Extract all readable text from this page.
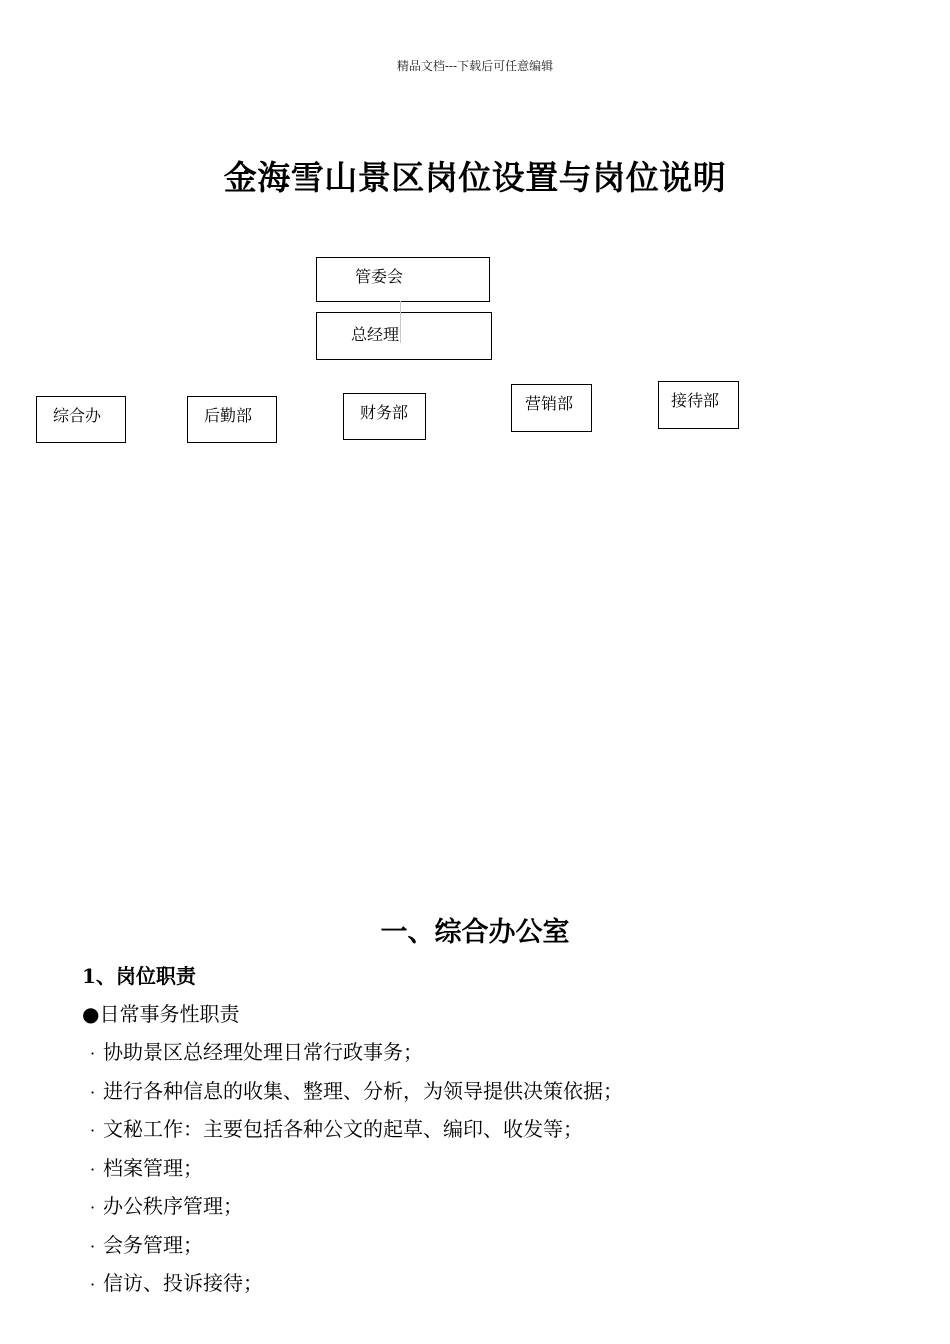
精品文档---下载后可任意编辑
金海雪山景区岗位设置与岗位说明
管委会
总经理
综合办	后勤部	财务部	营销部	接待部
一、综合办公室
1、岗位职责
●日常事务性职责
· 协助景区总经理处理日常行政事务；
· 进行各种信息的收集、整理、分析，为领导提供决策依据；
· 文秘工作：主要包括各种公文的起草、编印、收发等；
· 档案管理；
· 办公秩序管理；
· 会务管理；
· 信访、投诉接待；
